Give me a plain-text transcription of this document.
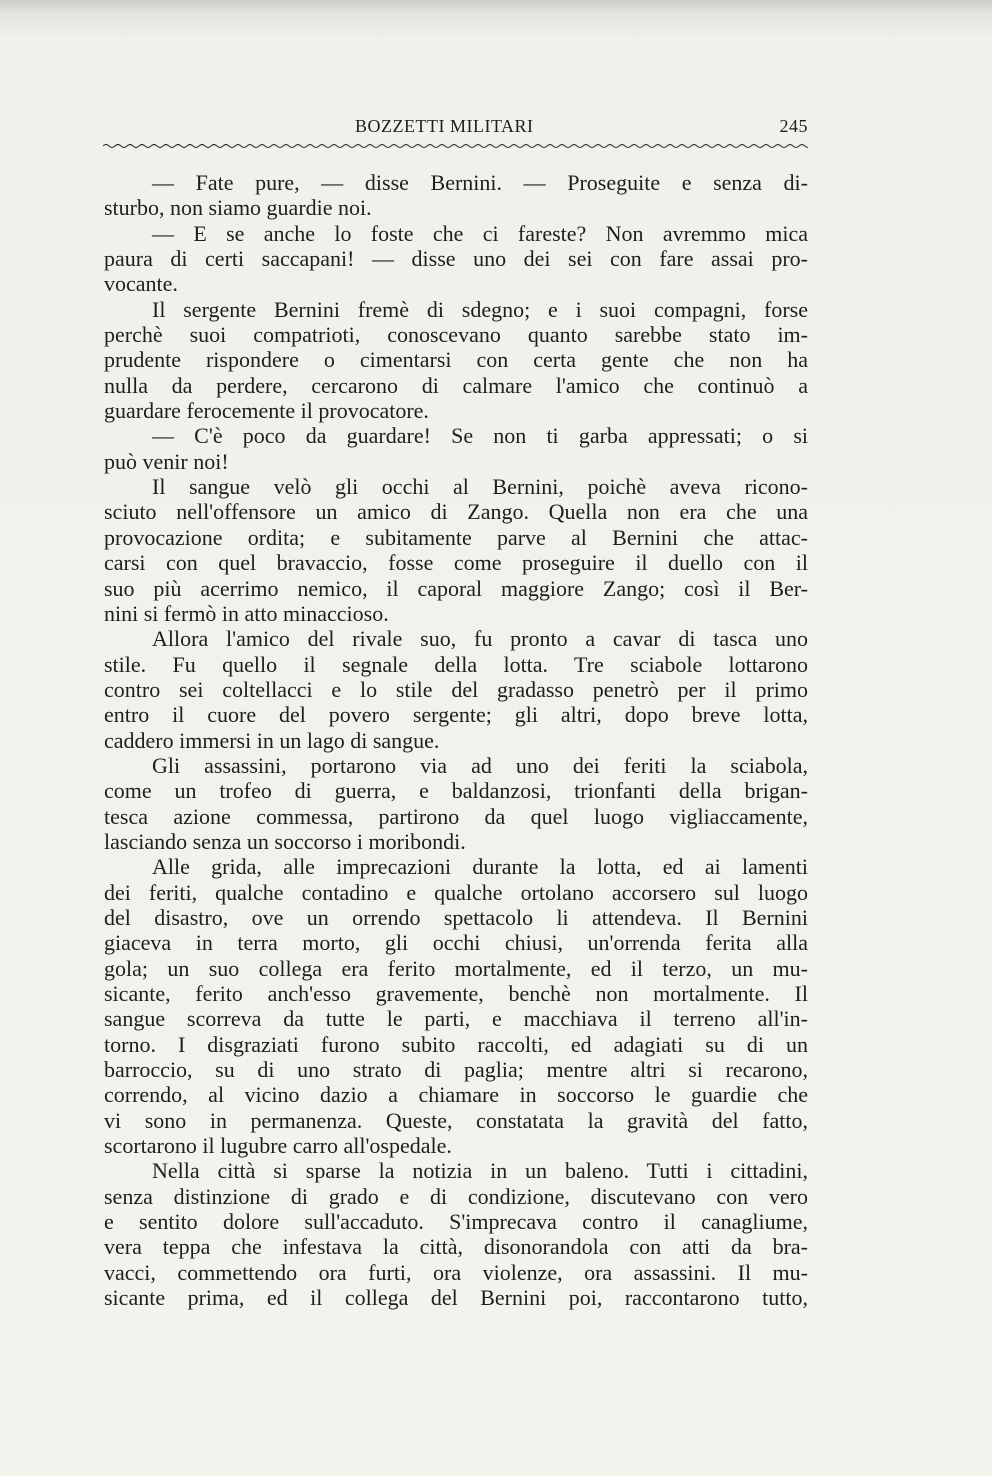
BOZZETTI MILITARI	245
— Fate pure, — disse Bernini. — Proseguite e senza di-
sturbo, non siamo guardie noi.
— E se anche lo foste che ci fareste? Non avremmo mica
paura di certi saccapani! — disse uno dei sei con fare assai pro-
vocante.
Il sergente Bernini fremè di sdegno; e i suoi compagni, forse
perchè suoi compatrioti, conoscevano quanto sarebbe stato im-
prudente rispondere o cimentarsi con certa gente che non ha
nulla da perdere, cercarono di calmare l'amico che continuò a
guardare ferocemente il provocatore.
— C'è poco da guardare! Se non ti garba appressati; o si
può venir noi!
Il sangue velò gli occhi al Bernini, poichè aveva ricono-
sciuto nell'offensore un amico di Zango. Quella non era che una
provocazione ordita; e subitamente parve al Bernini che attac-
carsi con quel bravaccio, fosse come proseguire il duello con il
suo più acerrimo nemico, il caporal maggiore Zango; così il Ber-
nini si fermò in atto minaccioso.
Allora l'amico del rivale suo, fu pronto a cavar di tasca uno
stile. Fu quello il segnale della lotta. Tre sciabole lottarono
contro sei coltellacci e lo stile del gradasso penetrò per il primo
entro il cuore del povero sergente; gli altri, dopo breve lotta,
caddero immersi in un lago di sangue.
Gli assassini, portarono via ad uno dei feriti la sciabola,
come un trofeo di guerra, e baldanzosi, trionfanti della brigan-
tesca azione commessa, partirono da quel luogo vigliaccamente,
lasciando senza un soccorso i moribondi.
Alle grida, alle imprecazioni durante la lotta, ed ai lamenti
dei feriti, qualche contadino e qualche ortolano accorsero sul luogo
del disastro, ove un orrendo spettacolo li attendeva. Il Bernini
giaceva in terra morto, gli occhi chiusi, un'orrenda ferita alla
gola; un suo collega era ferito mortalmente, ed il terzo, un mu-
sicante, ferito anch'esso gravemente, benchè non mortalmente. Il
sangue scorreva da tutte le parti, e macchiava il terreno all'in-
torno. I disgraziati furono subito raccolti, ed adagiati su di un
barroccio, su di uno strato di paglia; mentre altri si recarono,
correndo, al vicino dazio a chiamare in soccorso le guardie che
vi sono in permanenza. Queste, constatata la gravità del fatto,
scortarono il lugubre carro all'ospedale.
Nella città si sparse la notizia in un baleno. Tutti i cittadini,
senza distinzione di grado e di condizione, discutevano con vero
e sentito dolore sull'accaduto. S'imprecava contro il canagliume,
vera teppa che infestava la città, disonorandola con atti da bra-
vacci, commettendo ora furti, ora violenze, ora assassini. Il mu-
sicante prima, ed il collega del Bernini poi, raccontarono tutto,
